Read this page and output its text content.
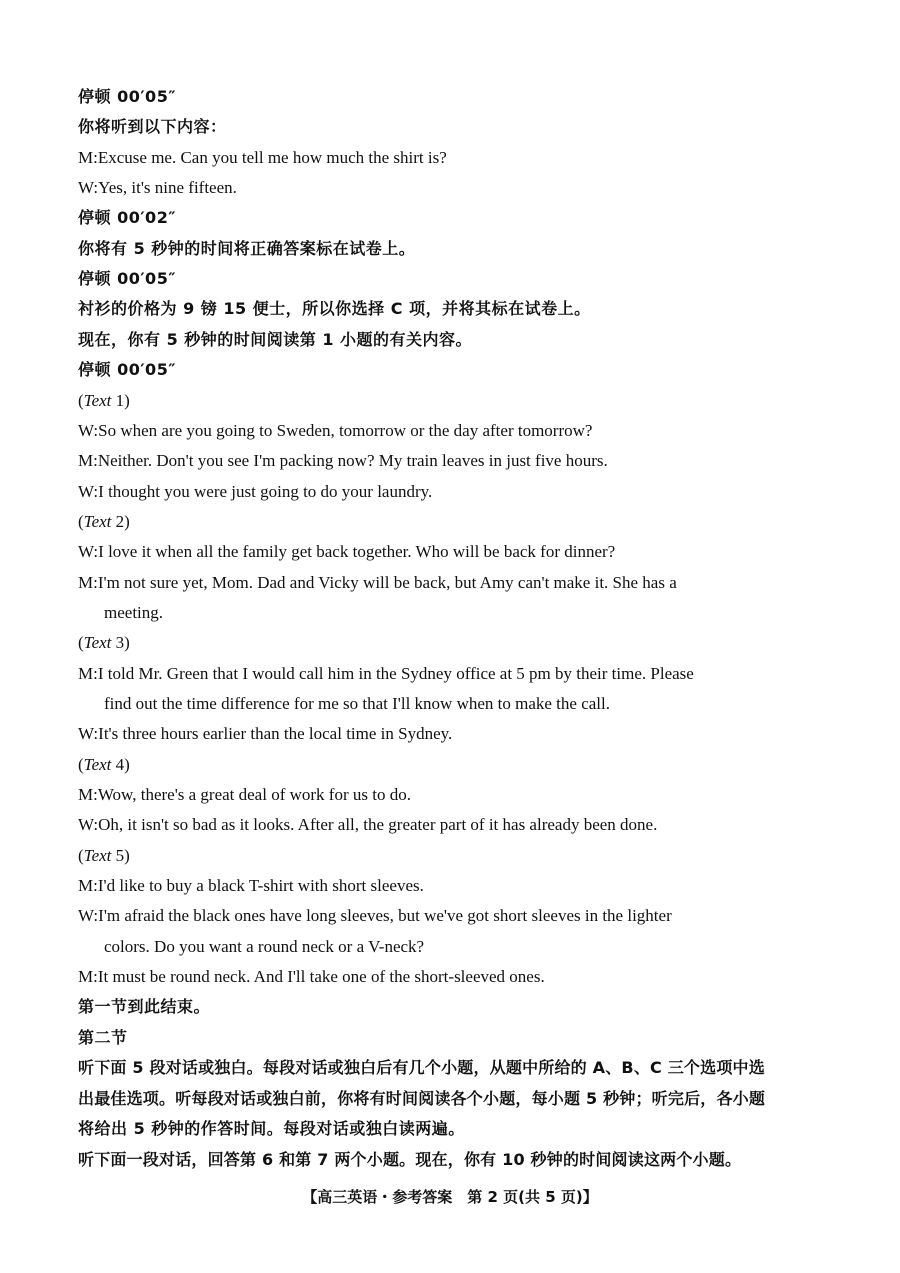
停顿 00′05″
你将听到以下内容：
M:Excuse me. Can you tell me how much the shirt is?
W:Yes, it's nine fifteen.
停顿 00′02″
你将有 5 秒钟的时间将正确答案标在试卷上。
停顿 00′05″
衬衫的价格为 9 镑 15 便士，所以你选择 C 项，并将其标在试卷上。
现在，你有 5 秒钟的时间阅读第 1 小题的有关内容。
停顿 00′05″
(Text 1)
W:So when are you going to Sweden, tomorrow or the day after tomorrow?
M:Neither. Don't you see I'm packing now? My train leaves in just five hours.
W:I thought you were just going to do your laundry.
(Text 2)
W:I love it when all the family get back together. Who will be back for dinner?
M:I'm not sure yet, Mom. Dad and Vicky will be back, but Amy can't make it. She has a
meeting.
(Text 3)
M:I told Mr. Green that I would call him in the Sydney office at 5 pm by their time. Please
find out the time difference for me so that I'll know when to make the call.
W:It's three hours earlier than the local time in Sydney.
(Text 4)
M:Wow, there's a great deal of work for us to do.
W:Oh, it isn't so bad as it looks. After all, the greater part of it has already been done.
(Text 5)
M:I'd like to buy a black T-shirt with short sleeves.
W:I'm afraid the black ones have long sleeves, but we've got short sleeves in the lighter
colors. Do you want a round neck or a V-neck?
M:It must be round neck. And I'll take one of the short-sleeved ones.
第一节到此结束。
第二节
听下面 5 段对话或独白。每段对话或独白后有几个小题，从题中所给的 A、B、C 三个选项中选
出最佳选项。听每段对话或独白前，你将有时间阅读各个小题，每小题 5 秒钟；听完后，各小题
将给出 5 秒钟的作答时间。每段对话或独白读两遍。
听下面一段对话，回答第 6 和第 7 两个小题。现在，你有 10 秒钟的时间阅读这两个小题。
【高三英语・参考答案　第 2 页(共 5 页)】
